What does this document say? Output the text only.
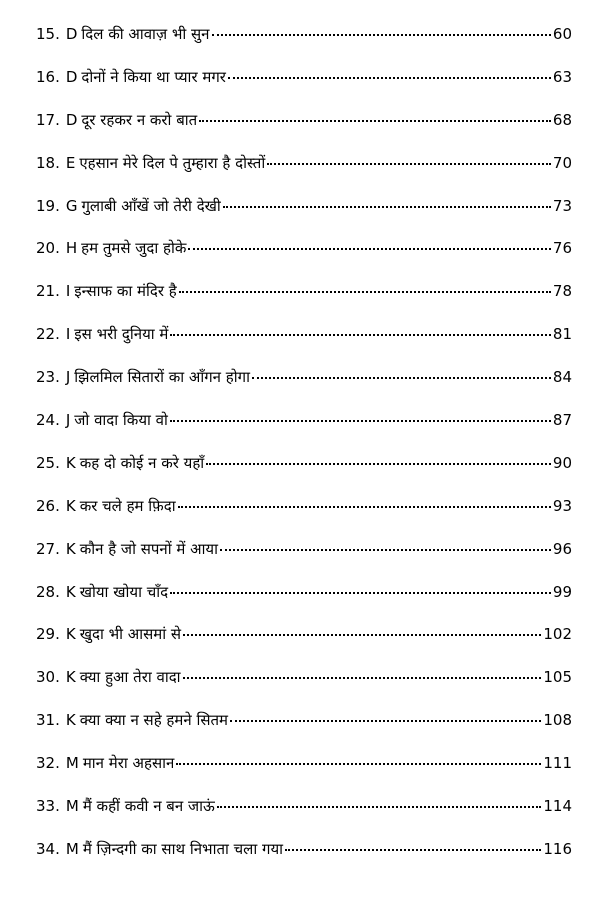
15. D दिल की आवाज़ भी सुन	60
16. D दोनों ने किया था प्यार मगर	63
17. D दूर रहकर न करो बात	68
18. E एहसान मेरे दिल पे तुम्हारा है दोस्तों	70
19. G गुलाबी आँखें जो तेरी देखी	73
20. H हम तुमसे जुदा होके	76
21. I इन्साफ का मंदिर है	78
22. I इस भरी दुनिया में	81
23. J झिलमिल सितारों का आँगन होगा	84
24. J जो वादा किया वो	87
25. K कह दो कोई न करे यहाँ	90
26. K कर चले हम फ़िदा	93
27. K कौन है जो सपनों में आया	96
28. K खोया खोया चाँद	99
29. K खुदा भी आसमां से	102
30. K क्या हुआ तेरा वादा	105
31. K क्या क्या न सहे हमने सितम	108
32. M मान मेरा अहसान	111
33. M मैं कहीं कवी न बन जाऊं	114
34. M मैं ज़िन्दगी का साथ निभाता चला गया	116
